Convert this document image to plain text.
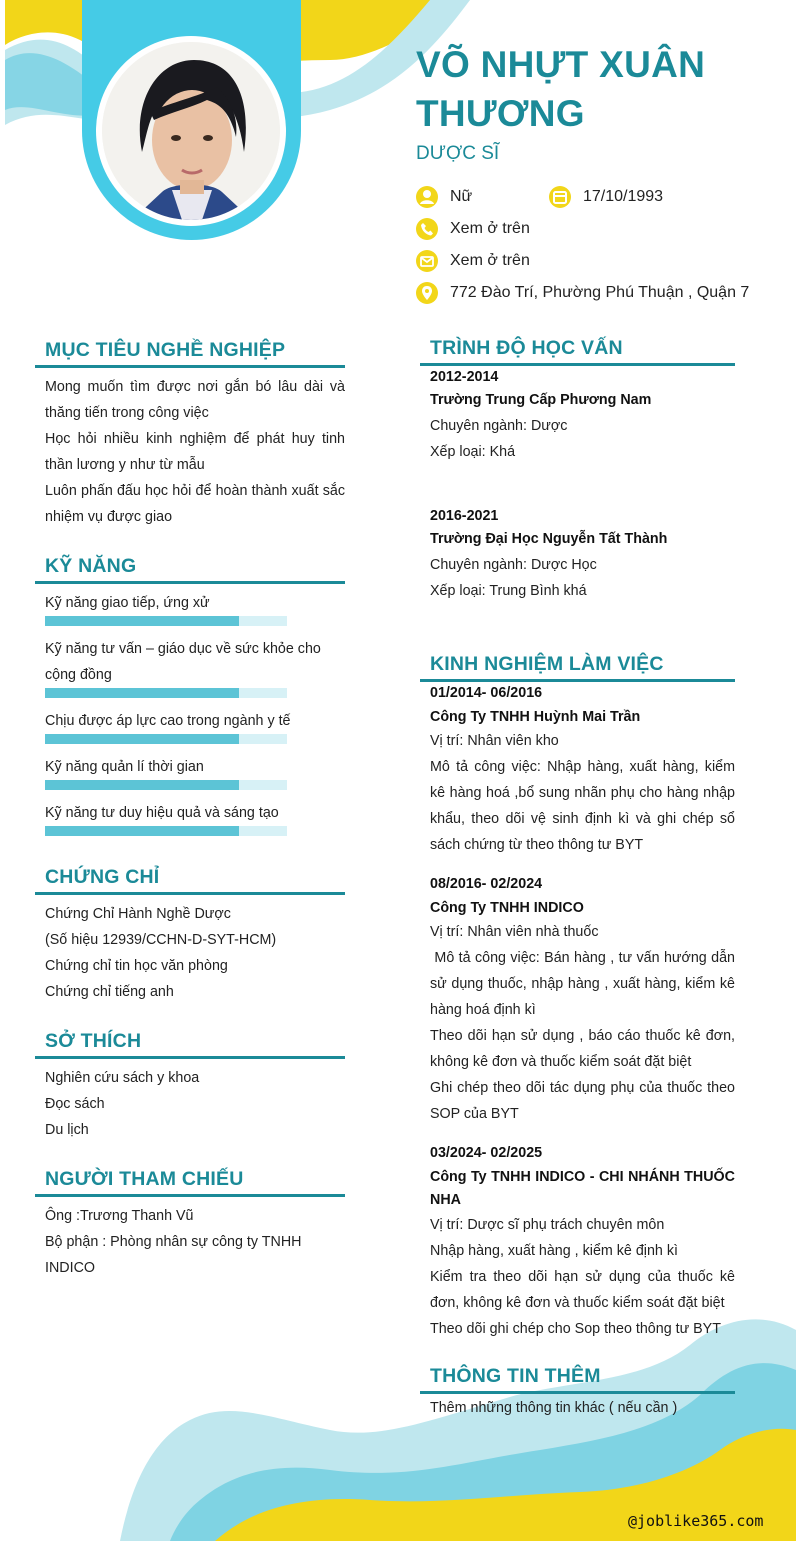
VÕ NHỰT XUÂN
THƯƠNG
DƯỢC SĨ
Nữ	17/10/1993
Xem ở trên
Xem ở trên
772 Đào Trí, Phường Phú Thuận , Quận 7
MỤC TIÊU NGHỀ NGHIỆP
Mong muốn tìm được nơi gắn bó lâu dài và thăng tiến trong công việc
Học hỏi nhiều kinh nghiệm để phát huy tinh thần lương y như từ mẫu
Luôn phấn đấu học hỏi để hoàn thành xuất sắc nhiệm vụ được giao
KỸ NĂNG
Kỹ năng giao tiếp, ứng xử
Kỹ năng tư vấn – giáo dục về sức khỏe cho cộng đồng
Chịu được áp lực cao trong ngành y tế
Kỹ năng quản lí thời gian
Kỹ năng tư duy hiệu quả và sáng tạo
CHỨNG CHỈ
Chứng Chỉ Hành Nghề Dược
(Số hiệu 12939/CCHN-D-SYT-HCM)
Chứng chỉ tin học văn phòng
Chứng chỉ tiếng anh
SỞ THÍCH
Nghiên cứu sách y khoa
Đọc sách
Du lịch
NGƯỜI THAM CHIẾU
Ông :Trương Thanh Vũ
Bộ phận : Phòng nhân sự công ty TNHH INDICO
TRÌNH ĐỘ HỌC VẤN
2012-2014
Trường Trung Cấp Phương Nam
Chuyên ngành: Dược
Xếp loại: Khá
2016-2021
Trường Đại Học Nguyễn Tất Thành
Chuyên ngành: Dược Học
Xếp loại: Trung Bình khá
KINH NGHIỆM LÀM VIỆC
01/2014- 06/2016
Công Ty TNHH Huỳnh Mai Trần
Vị trí: Nhân viên kho
Mô tả công việc: Nhập hàng, xuất hàng, kiểm kê hàng hoá ,bổ sung nhãn phụ cho hàng nhập khẩu, theo dõi vệ sinh định kì và ghi chép sổ sách chứng từ theo thông tư BYT
08/2016- 02/2024
Công Ty TNHH INDICO
Vị trí: Nhân viên nhà thuốc
Mô tả công việc: Bán hàng , tư vấn hướng dẫn sử dụng thuốc, nhập hàng , xuất hàng, kiểm kê hàng hoá định kì
Theo dõi hạn sử dụng , báo cáo thuốc kê đơn, không kê đơn và thuốc kiểm soát đặt biệt
Ghi chép theo dõi tác dụng phụ của thuốc theo SOP của BYT
03/2024- 02/2025
Công Ty TNHH INDICO - CHI NHÁNH THUỐC NHA
Vị trí: Dược sĩ phụ trách chuyên môn
Nhập hàng, xuất hàng , kiểm kê định kì
Kiểm tra theo dõi hạn sử dụng của thuốc kê đơn, không kê đơn và thuốc kiểm soát đặt biệt
Theo dõi ghi chép cho Sop theo thông tư BYT
THÔNG TIN THÊM
Thêm những thông tin khác ( nếu cần )
@joblike365.com
